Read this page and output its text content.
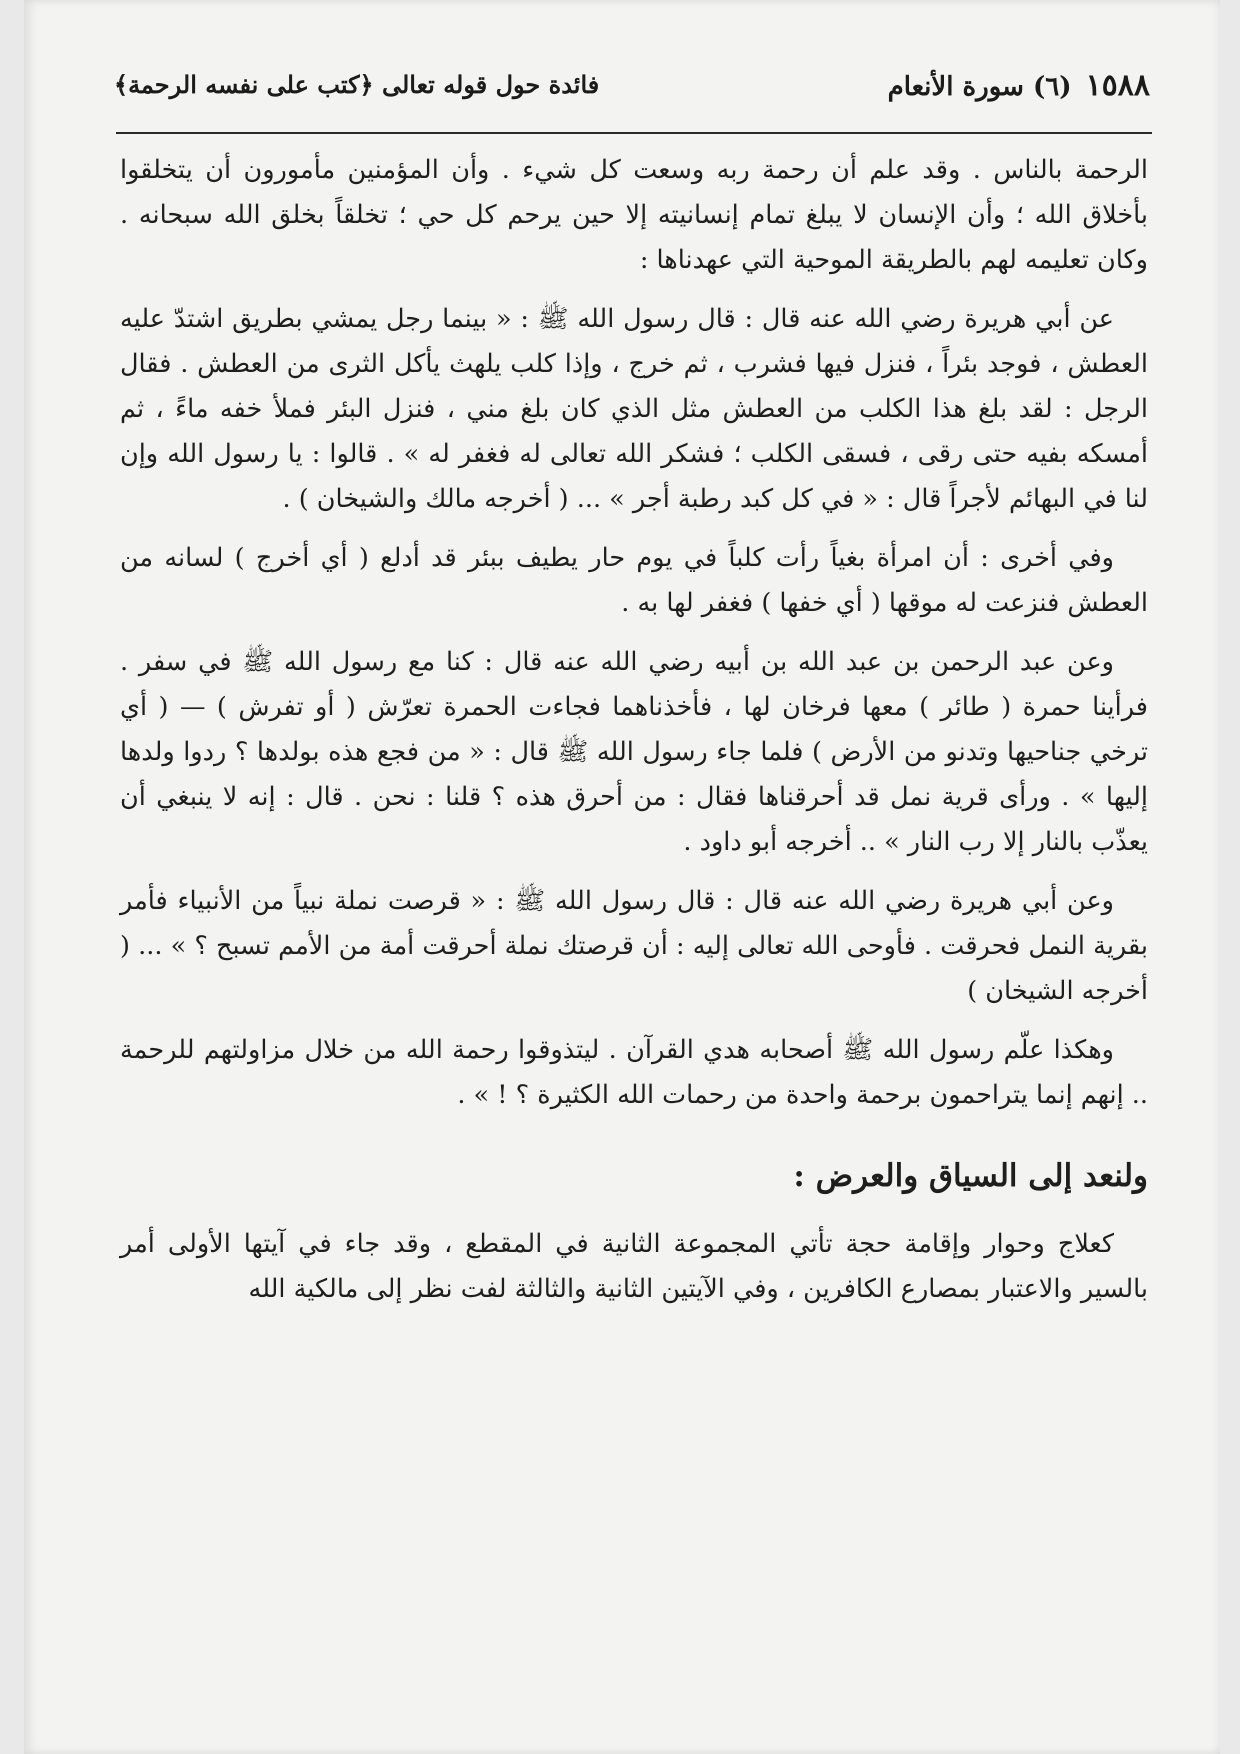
١٥٨٨(٦) سورة الأنعام
فائدة حول قوله تعالى ﴿كتب على نفسه الرحمة﴾

الرحمة بالناس . وقد علم أن رحمة ربه وسعت كل شيء . وأن المؤمنين مأمورون أن يتخلقوا بأخلاق الله ؛ وأن الإنسان لا يبلغ تمام إنسانيته إلا حين يرحم كل حي ؛ تخلقاً بخلق الله سبحانه . وكان تعليمه لهم بالطريقة الموحية التي عهدناها :

عن أبي هريرة رضي الله عنه قال : قال رسول الله ﷺ : « بينما رجل يمشي بطريق اشتدّ عليه العطش ، فوجد بئراً ، فنزل فيها فشرب ، ثم خرج ، وإذا كلب يلهث يأكل الثرى من العطش . فقال الرجل : لقد بلغ هذا الكلب من العطش مثل الذي كان بلغ مني ، فنزل البئر فملأ خفه ماءً ، ثم أمسكه بفيه حتى رقى ، فسقى الكلب ؛ فشكر الله تعالى له فغفر له » . قالوا : يا رسول الله وإن لنا في البهائم لأجراً قال : « في كل كبد رطبة أجر » ... ( أخرجه مالك والشيخان ) .

وفي أخرى : أن امرأة بغياً رأت كلباً في يوم حار يطيف ببئر قد أدلع ( أي أخرج ) لسانه من العطش فنزعت له موقها ( أي خفها ) فغفر لها به .

وعن عبد الرحمن بن عبد الله بن أبيه رضي الله عنه قال : كنا مع رسول الله ﷺ في سفر . فرأينا حمرة ( طائر ) معها فرخان لها ، فأخذناهما فجاءت الحمرة تعرّش ( أو تفرش ) — ( أي ترخي جناحيها وتدنو من الأرض ) فلما جاء رسول الله ﷺ قال : « من فجع هذه بولدها ؟ ردوا ولدها إليها » . ورأى قرية نمل قد أحرقناها فقال : من أحرق هذه ؟ قلنا : نحن . قال : إنه لا ينبغي أن يعذّب بالنار إلا رب النار » .. أخرجه أبو داود .

وعن أبي هريرة رضي الله عنه قال : قال رسول الله ﷺ : « قرصت نملة نبياً من الأنبياء فأمر بقرية النمل فحرقت . فأوحى الله تعالى إليه : أن قرصتك نملة أحرقت أمة من الأمم تسبح ؟ » ... ( أخرجه الشيخان )

وهكذا علّم رسول الله ﷺ أصحابه هدي القرآن . ليتذوقوا رحمة الله من خلال مزاولتهم للرحمة .. إنهم إنما يتراحمون برحمة واحدة من رحمات الله الكثيرة ؟ ! » .

ولنعد إلى السياق والعرض :

كعلاج وحوار وإقامة حجة تأتي المجموعة الثانية في المقطع ، وقد جاء في آيتها الأولى أمر بالسير والاعتبار بمصارع الكافرين ، وفي الآيتين الثانية والثالثة لفت نظر إلى مالكية الله
